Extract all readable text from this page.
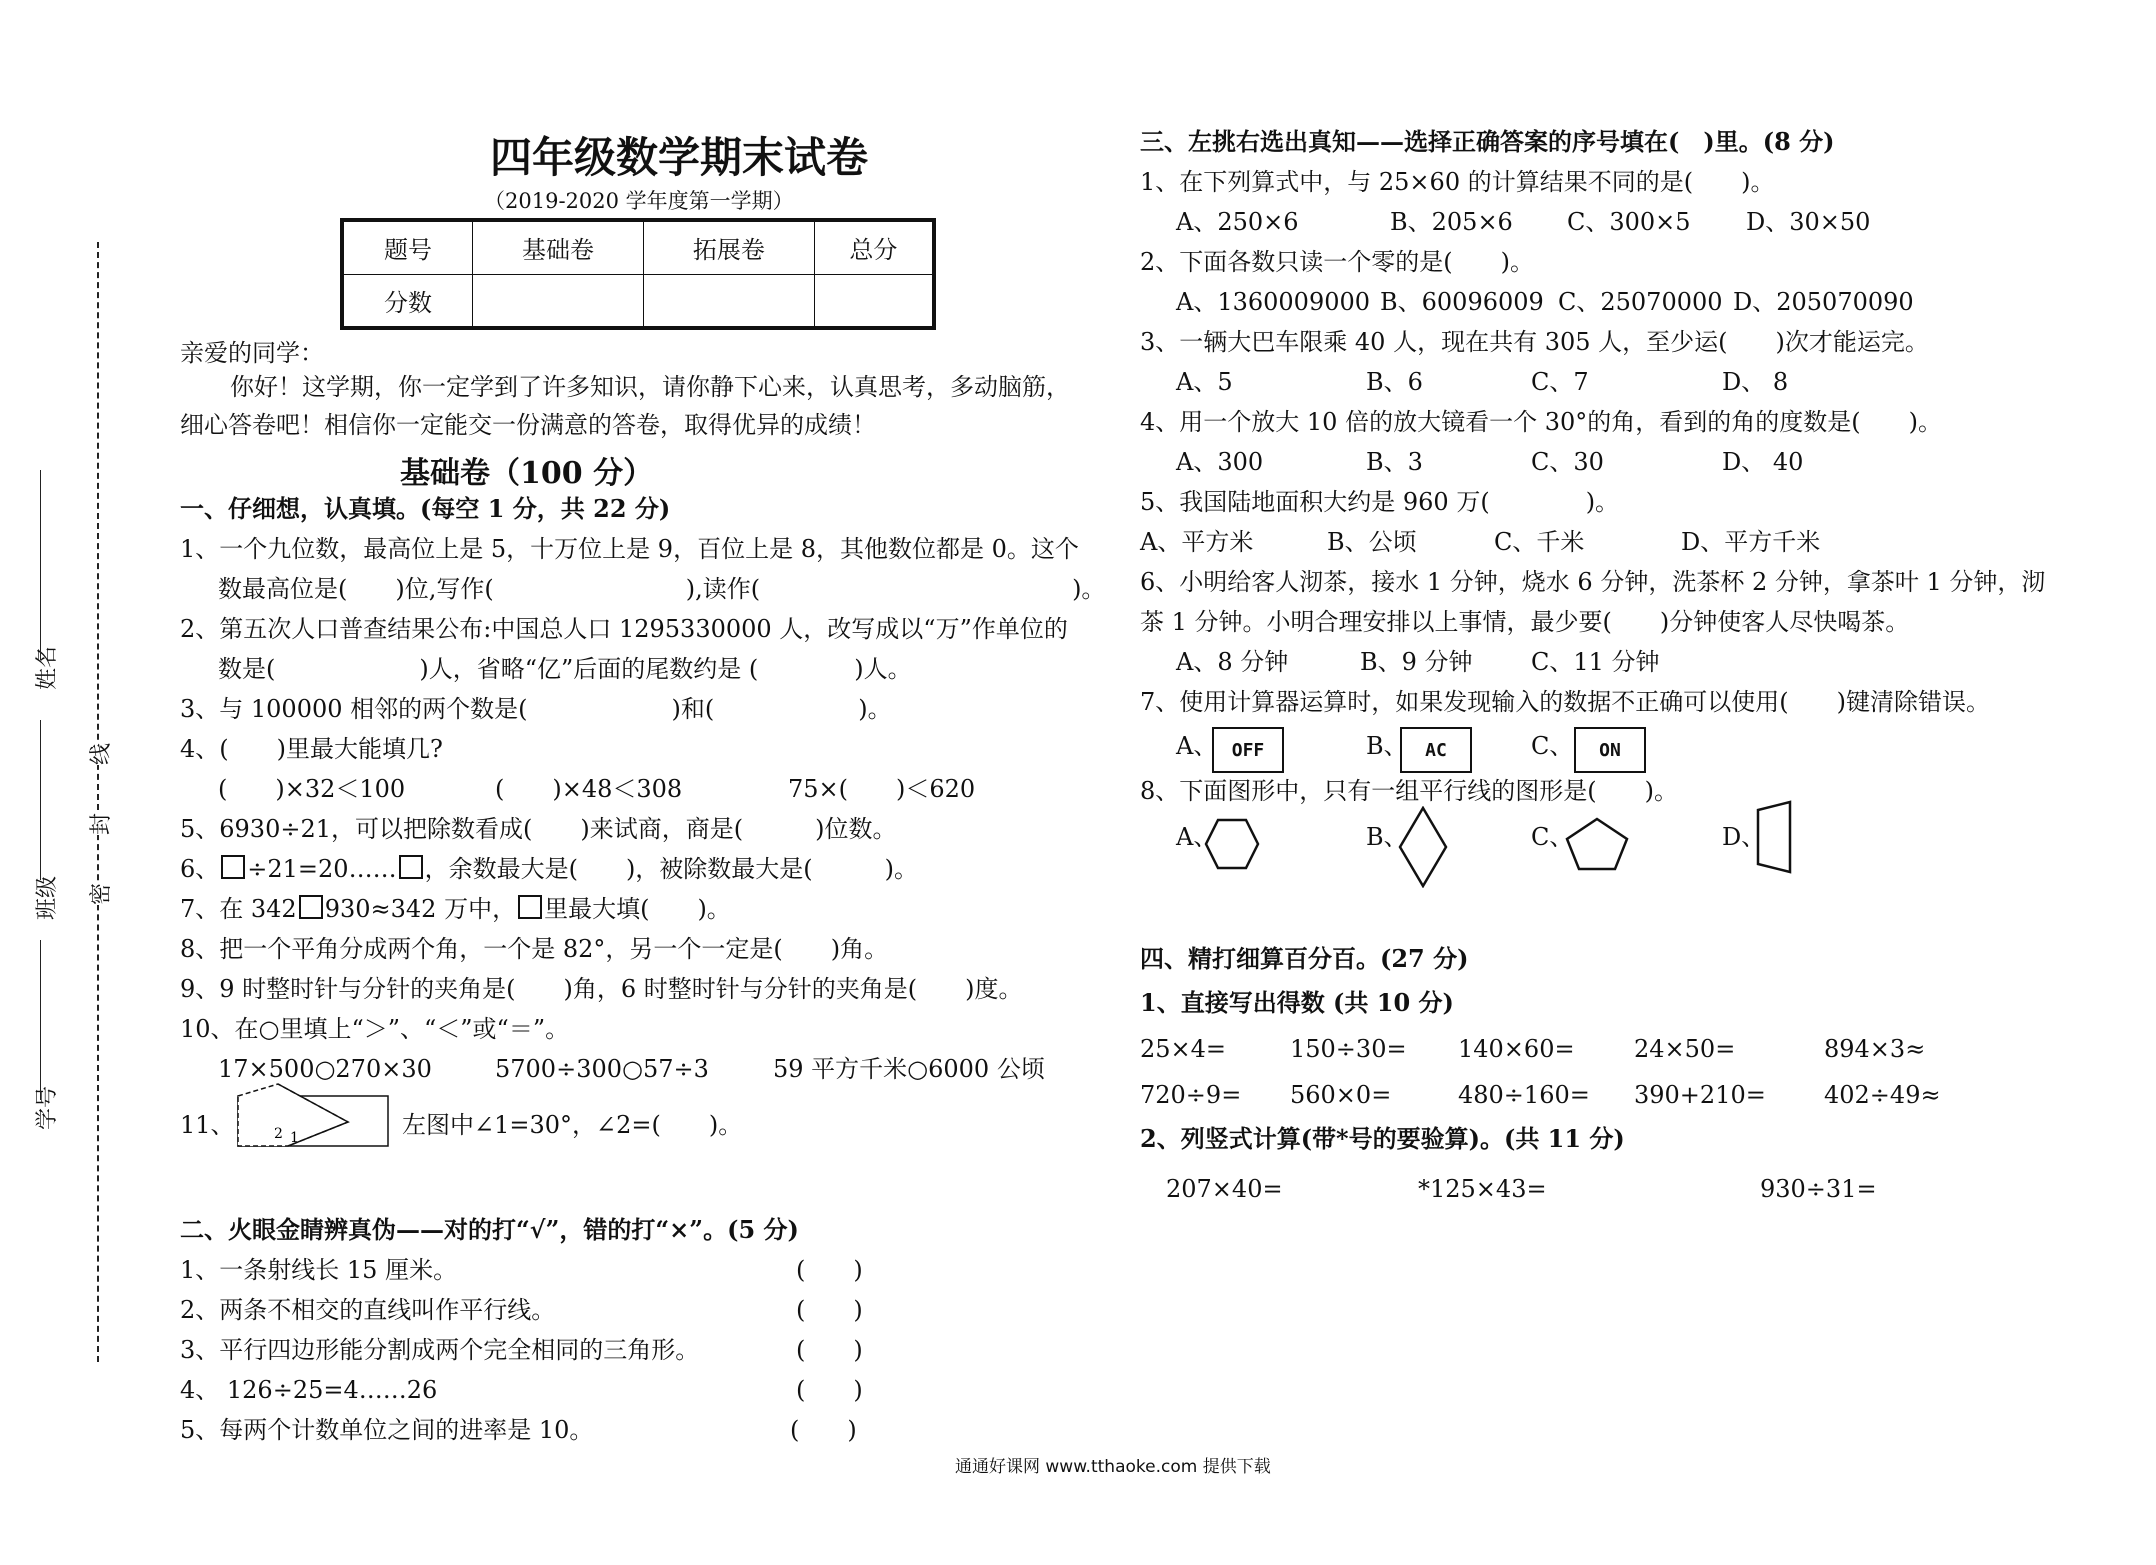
姓名
班级
学号
线
封
密
四年级数学期末试卷
（2019-2020 学年度第一学期）
题号	基础卷	拓展卷	总分
分数			
亲爱的同学：
你好！这学期，你一定学到了许多知识，请你静下心来，认真思考，多动脑筋，
细心答卷吧！相信你一定能交一份满意的答卷，取得优异的成绩！
基础卷（100 分）
一、仔细想，认真填。(每空 1 分，共 22 分)
1、一个九位数，最高位上是 5，十万位上是 9，百位上是 8，其他数位都是 0。这个
数最高位是(　　)位,写作(　　　　　　　　),读作(　　　　　　　　　　　　　)。
2、第五次人口普查结果公布:中国总人口 1295330000 人，改写成以“万”作单位的
数是(　　　　　　)人，省略“亿”后面的尾数约是 (　　　　)人。
3、与 100000 相邻的两个数是(　　　　　　)和(　　　　　　)。
4、(　　)里最大能填几?
(　　)×32＜100	(　　)×48＜308	75×(　　)＜620
5、6930÷21，可以把除数看成(　　)来试商，商是(　　　)位数。
6、 ÷21=20…… ，余数最大是(　　)，被除数最大是(　　　)。
7、在 342 930≈342 万中， 里最大填(　　)。
8、把一个平角分成两个角，一个是 82°，另一个一定是(　　)角。
9、9 时整时针与分针的夹角是(　　)角，6 时整时针与分针的夹角是(　　)度。
10、在○里填上“＞”、“＜”或“＝”。
17×500○270×30	5700÷300○57÷3	59 平方千米○6000 公顷
11、	1
2	左图中∠1=30°，∠2=(　　)。
二、火眼金睛辨真伪——对的打“√”，错的打“×”。(5 分)
1、一条射线长 15 厘米。	(　　)
2、两条不相交的直线叫作平行线。	(　　)
3、平行四边形能分割成两个完全相同的三角形。	(　　)
4、 126÷25=4……26	(　　)
5、每两个计数单位之间的进率是 10。	(　　)
三、左挑右选出真知——选择正确答案的序号填在(　)里。(8 分)
1、在下列算式中，与 25×60 的计算结果不同的是(　　)。
A、250×6	B、205×6 C、300×5 D、30×50
2、下面各数只读一个零的是(　　)。
A、1360009000 B、60096009 C、25070000 D、205070090
3、一辆大巴车限乘 40 人，现在共有 305 人，至少运(　　)次才能运完。
A、5	B、6	C、7	D、 8
4、用一个放大 10 倍的放大镜看一个 30°的角，看到的角的度数是(　　)。
A、300	B、3	C、30	D、 40
5、我国陆地面积大约是 960 万(　　　　)。
A、平方米	B、公顷	C、千米	D、平方千米
6、小明给客人沏茶，接水 1 分钟，烧水 6 分钟，洗茶杯 2 分钟，拿茶叶 1 分钟，沏
茶 1 分钟。小明合理安排以上事情，最少要(　　)分钟使客人尽快喝茶。
A、8 分钟	B、9 分钟 C、11 分钟
7、使用计算器运算时，如果发现输入的数据不正确可以使用(　　)键清除错误。
A、 OFF	B、 AC	C、	ON
8、下面图形中，只有一组平行线的图形是(　　)。
A、	B、	C、	D、
四、精打细算百分百。(27 分)
1、直接写出得数 (共 10 分)
25×4=	150÷30= 140×60= 24×50=	894×3≈
720÷9= 560×0=	480÷160= 390+210= 402÷49≈
2、列竖式计算(带*号的要验算)。(共 11 分)
207×40=	*125×43=	930÷31=
通通好课网 www.tthaoke.com 提供下载
